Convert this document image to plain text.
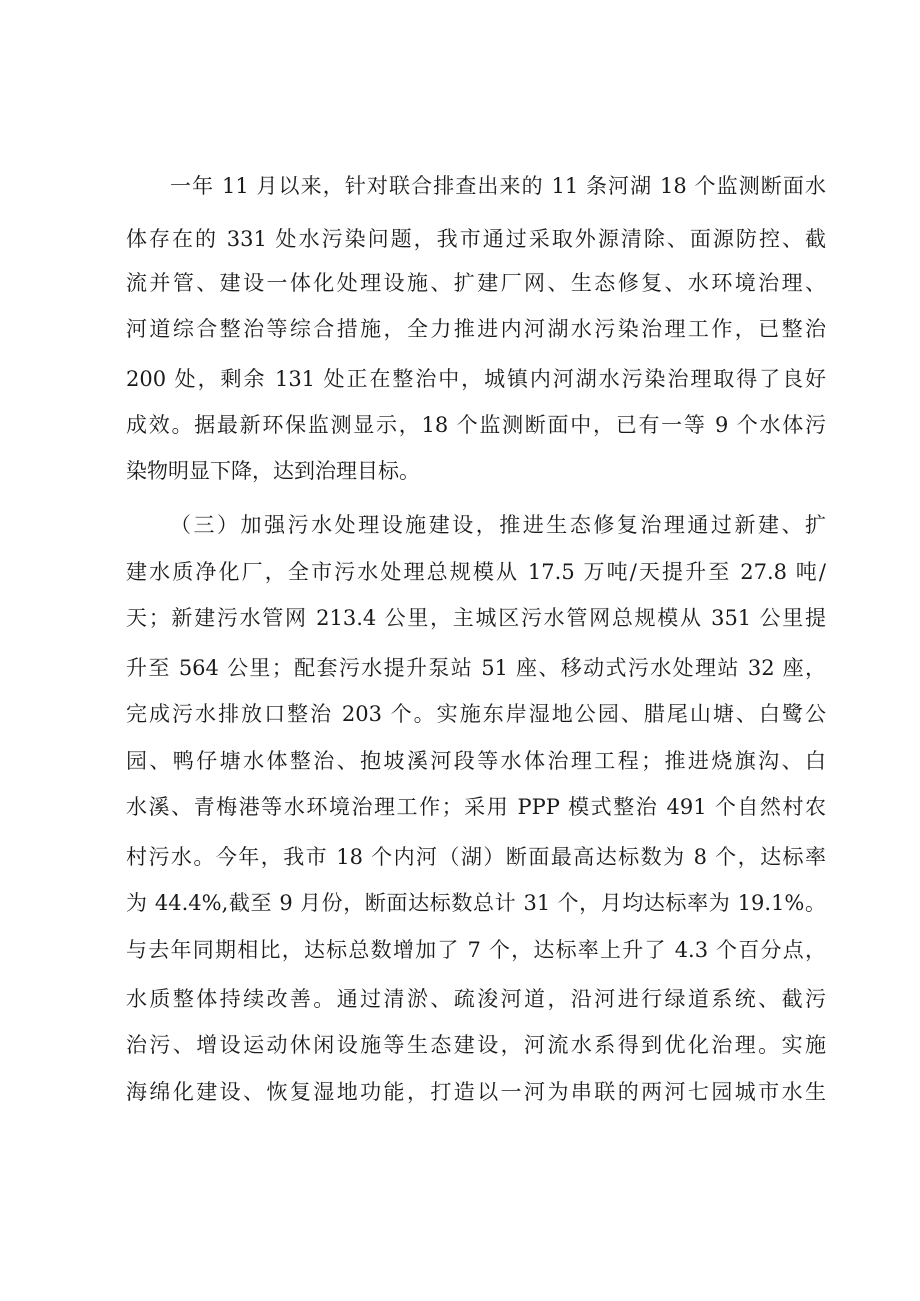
一年 11 月以来，针对联合排查出来的 11 条河湖 18 个监测断面水

体存在的 331 处水污染问题，我市通过采取外源清除、面源防控、截

流并管、建设一体化处理设施、扩建厂网、生态修复、水环境治理、

河道综合整治等综合措施，全力推进内河湖水污染治理工作，已整治

200 处，剩余 131 处正在整治中，城镇内河湖水污染治理取得了良好

成效。据最新环保监测显示，18 个监测断面中，已有一等 9 个水体污

染物明显下降，达到治理目标。

（三）加强污水处理设施建设，推进生态修复治理通过新建、扩

建水质净化厂，全市污水处理总规模从 17.5 万吨/天提升至 27.8 吨/

天；新建污水管网 213.4 公里，主城区污水管网总规模从 351 公里提

升至 564 公里；配套污水提升泵站 51 座、移动式污水处理站 32 座，

完成污水排放口整治 203 个。实施东岸湿地公园、腊尾山塘、白鹭公

园、鸭仔塘水体整治、抱坡溪河段等水体治理工程；推进烧旗沟、白

水溪、青梅港等水环境治理工作；采用 PPP 模式整治 491 个自然村农

村污水。今年，我市 18 个内河（湖）断面最高达标数为 8 个，达标率

为 44.4%,截至 9 月份，断面达标数总计 31 个，月均达标率为 19.1%。

与去年同期相比，达标总数增加了 7 个，达标率上升了 4.3 个百分点，

水质整体持续改善。通过清淤、疏浚河道，沿河进行绿道系统、截污

治污、增设运动休闲设施等生态建设，河流水系得到优化治理。实施

海绵化建设、恢复湿地功能，打造以一河为串联的两河七园城市水生
